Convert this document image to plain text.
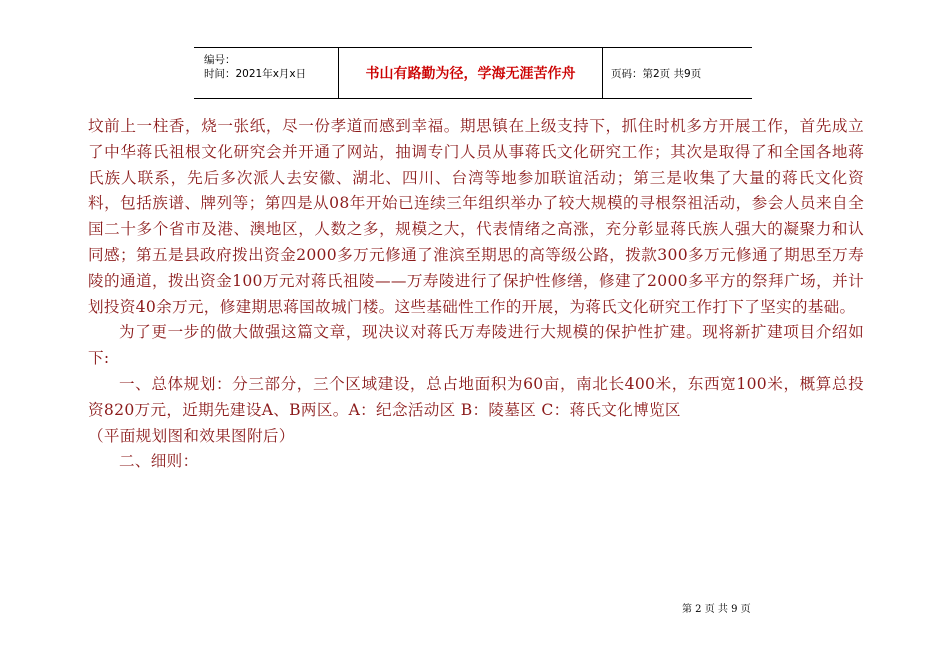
编号：
时间：2021年x月x日	书山有路勤为径，学海无涯苦作舟	页码：第2页 共9页

坟前上一柱香，烧一张纸，尽一份孝道而感到幸福。期思镇在上级支持下，抓住时机多方开展工作，首先成立了中华蒋氏祖根文化研究会并开通了网站，抽调专门人员从事蒋氏文化研究工作；其次是取得了和全国各地蒋氏族人联系，先后多次派人去安徽、湖北、四川、台湾等地参加联谊活动；第三是收集了大量的蒋氏文化资料，包括族谱、牌列等；第四是从08年开始已连续三年组织举办了较大规模的寻根祭祖活动，参会人员来自全国二十多个省市及港、澳地区，人数之多，规模之大，代表情绪之高涨，充分彰显蒋氏族人强大的凝聚力和认同感；第五是县政府拨出资金2000多万元修通了淮滨至期思的高等级公路，拨款300多万元修通了期思至万寿陵的通道，拨出资金100万元对蒋氏祖陵——万寿陵进行了保护性修缮，修建了2000多平方的祭拜广场，并计划投资40余万元，修建期思蒋国故城门楼。这些基础性工作的开展，为蒋氏文化研究工作打下了坚实的基础。

为了更一步的做大做强这篇文章，现决议对蒋氏万寿陵进行大规模的保护性扩建。现将新扩建项目介绍如下:

一、总体规划：分三部分，三个区域建设，总占地面积为60亩，南北长400米，东西宽100米，概算总投资820万元，近期先建设A、B两区。A：纪念活动区 B：陵墓区 C：蒋氏文化博览区

（平面规划图和效果图附后）

二、细则：

第 2 页 共 9 页
